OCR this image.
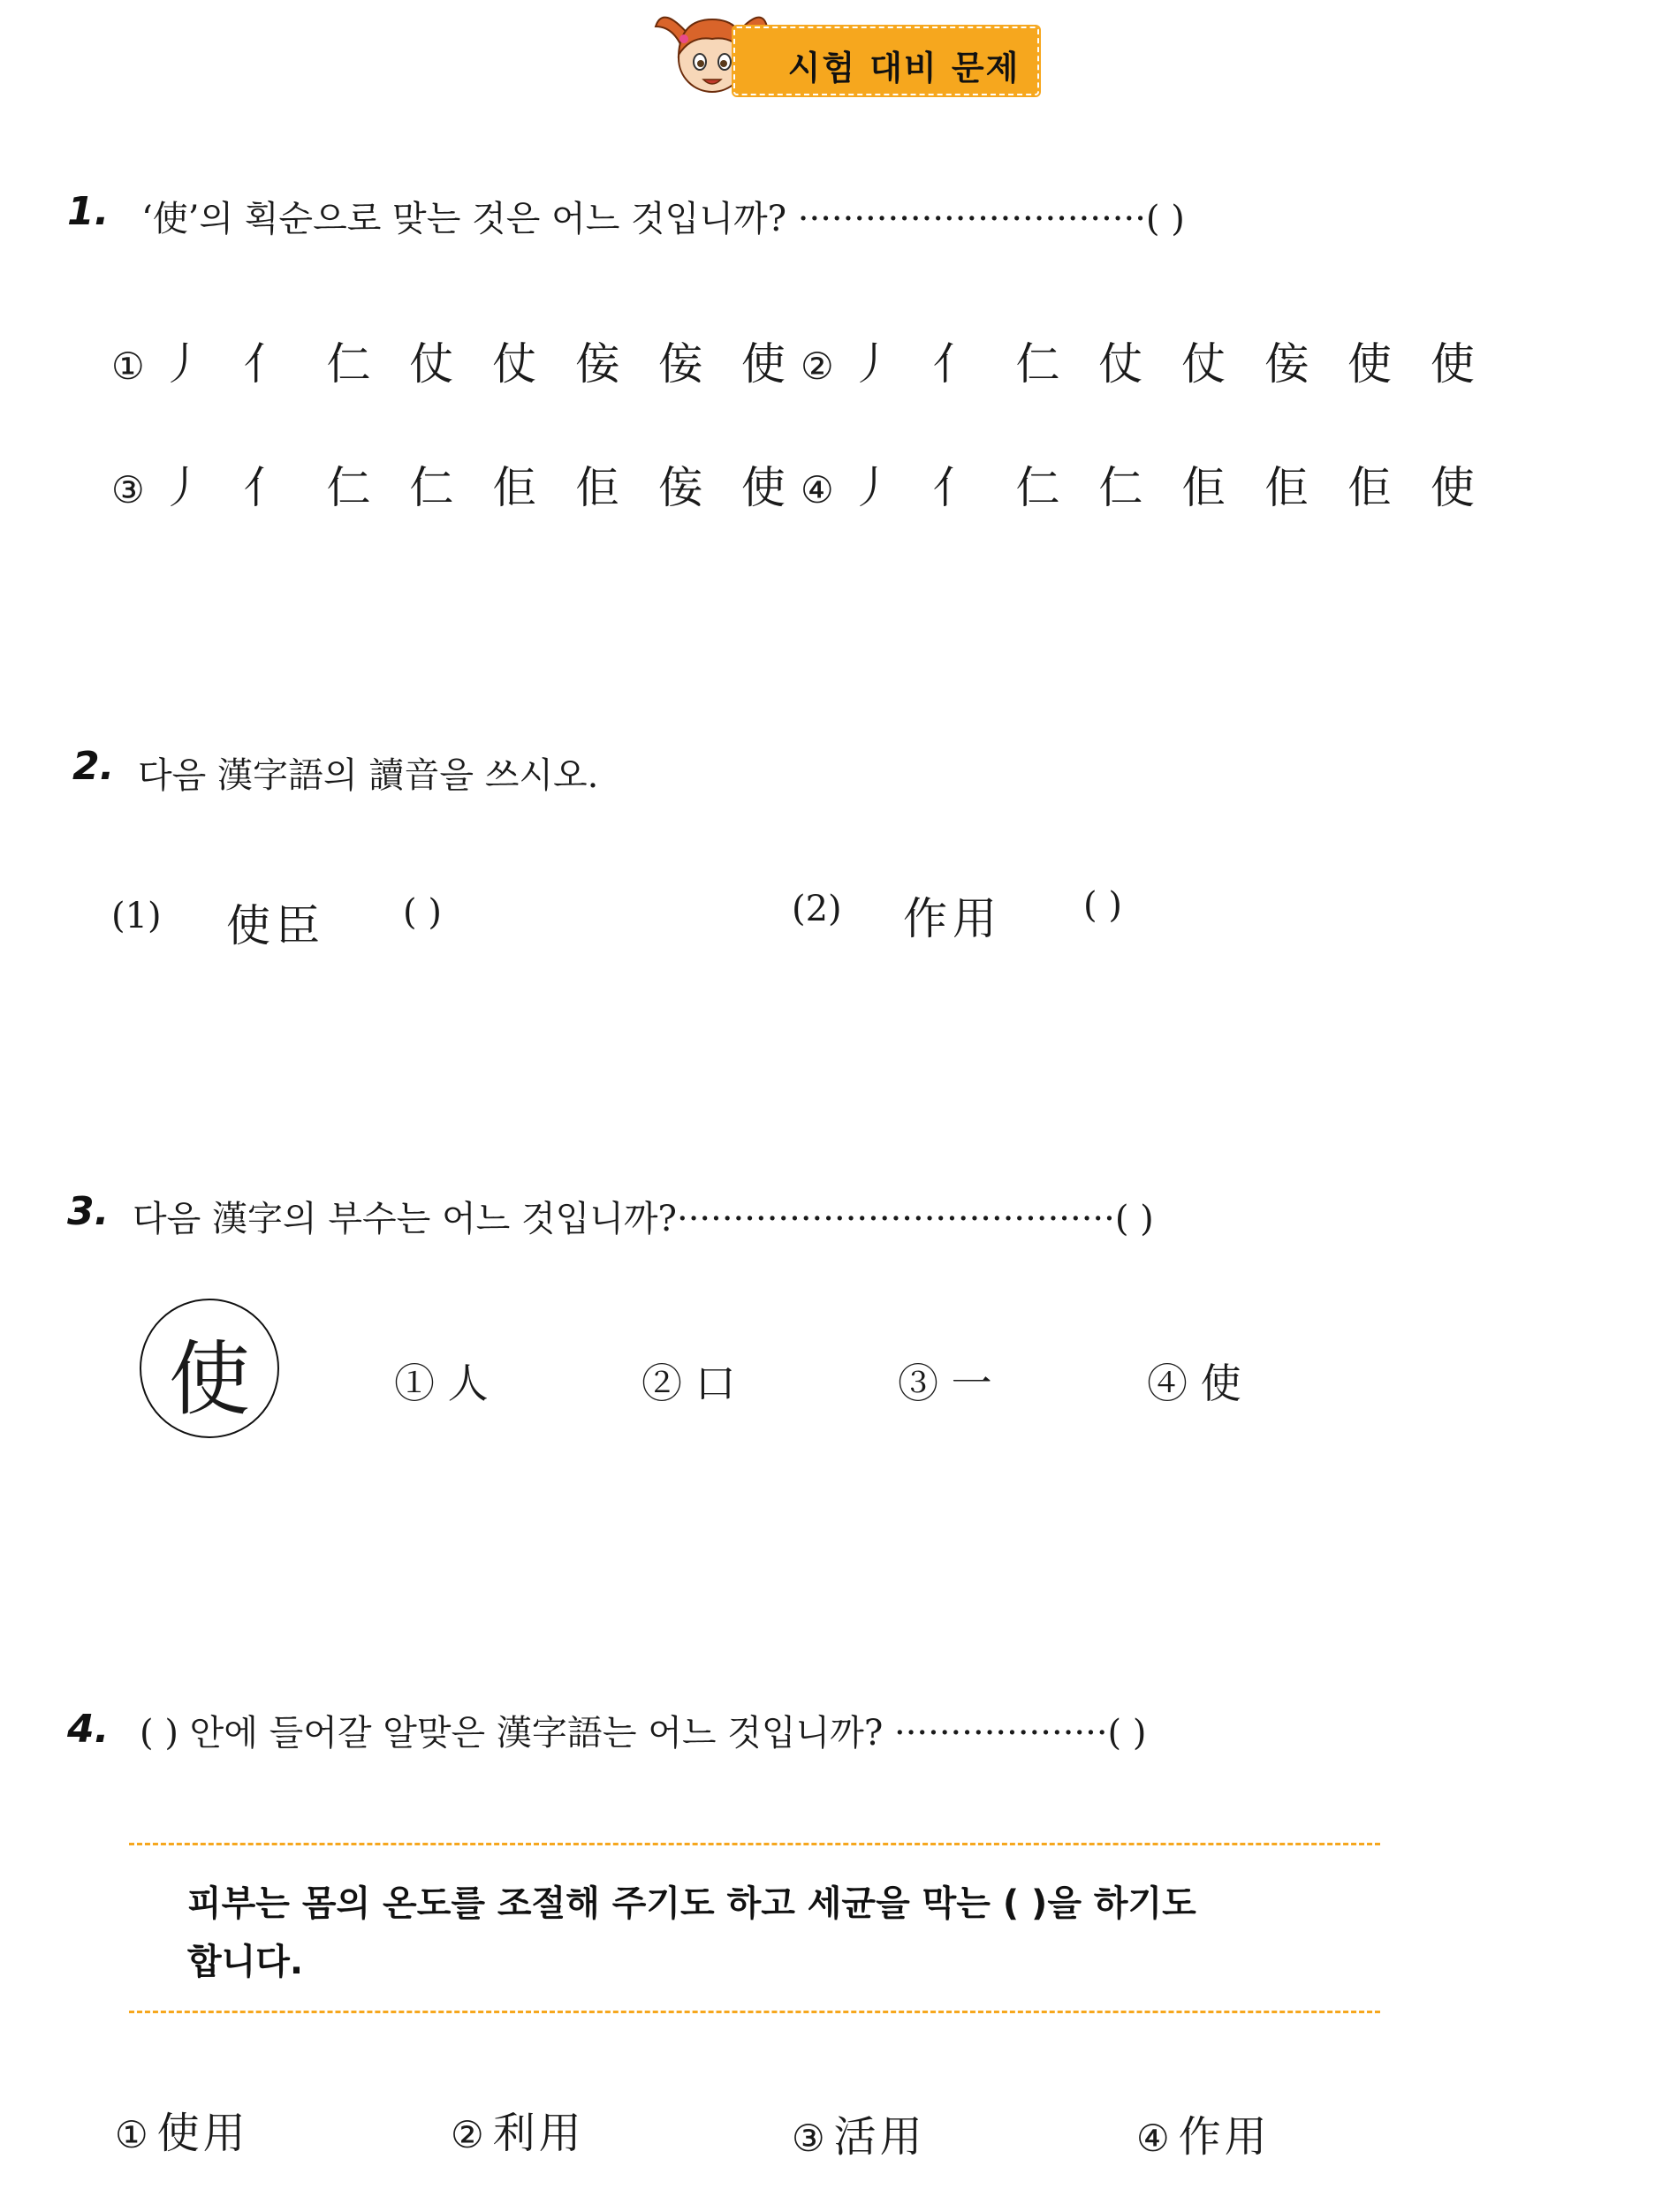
시험 대비 문제
1. ‘使’의 획순으로 맞는 것은 어느 것입니까? ·······························( )
① 丿 亻 仁 仗 仗 侫 侫 使 ② 丿 亻 仁 仗 仗 侫 使 使
③ 丿 亻 仁 仁 佢 佢 侫 使 ④ 丿 亻 仁 仁 佢 佢 佢 使
2. 다음 漢字語의 讀音을 쓰시오.
(1) 使臣 ( )	(2) 作用 ( )
3. 다음 漢字의 부수는 어느 것입니까?·······································( )
使	① 人	② 口	③ 一	④ 使
4. ( ) 안에 들어갈 알맞은 漢字語는 어느 것입니까? ···················( )
피부는 몸의 온도를 조절해 주기도 하고 세균을 막는 ( )을 하기도
합니다.
① 使用	② 利用	③ 活用	④ 作用
